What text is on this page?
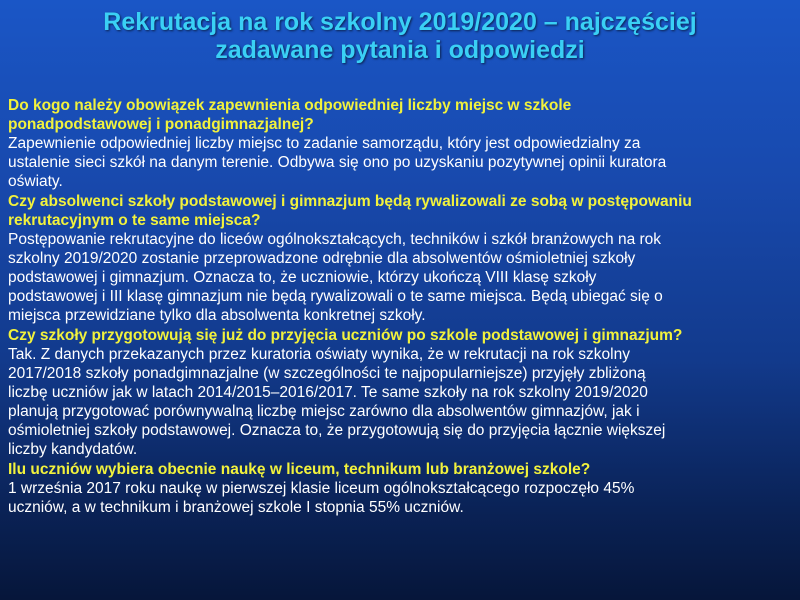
Rekrutacja na rok szkolny 2019/2020 – najczęściej
zadawane pytania i odpowiedzi

Do kogo należy obowiązek zapewnienia odpowiedniej liczby miejsc w szkole
ponadpodstawowej i ponadgimnazjalnej?

Zapewnienie odpowiedniej liczby miejsc to zadanie samorządu, który jest odpowiedzialny za
ustalenie sieci szkół na danym terenie. Odbywa się ono po uzyskaniu pozytywnej opinii kuratora
oświaty.

Czy absolwenci szkoły podstawowej i gimnazjum będą rywalizowali ze sobą w postępowaniu
rekrutacyjnym o te same miejsca?

Postępowanie rekrutacyjne do liceów ogólnokształcących, techników i szkół branżowych na rok
szkolny 2019/2020 zostanie przeprowadzone odrębnie dla absolwentów ośmioletniej szkoły
podstawowej i gimnazjum. Oznacza to, że uczniowie, którzy ukończą VIII klasę szkoły
podstawowej i III klasę gimnazjum nie będą rywalizowali o te same miejsca. Będą ubiegać się o
miejsca przewidziane tylko dla absolwenta konkretnej szkoły.

Czy szkoły przygotowują się już do przyjęcia uczniów po szkole podstawowej i gimnazjum?

Tak. Z danych przekazanych przez kuratoria oświaty wynika, że w rekrutacji na rok szkolny
2017/2018 szkoły ponadgimnazjalne (w szczególności te najpopularniejsze) przyjęły zbliżoną
liczbę uczniów jak w latach 2014/2015–2016/2017. Te same szkoły na rok szkolny 2019/2020
planują przygotować porównywalną liczbę miejsc zarówno dla absolwentów gimnazjów, jak i
ośmioletniej szkoły podstawowej. Oznacza to, że przygotowują się do przyjęcia łącznie większej
liczby kandydatów.

Ilu uczniów wybiera obecnie naukę w liceum, technikum lub branżowej szkole?

1 września 2017 roku naukę w pierwszej klasie liceum ogólnokształcącego rozpoczęło 45%
uczniów, a w technikum i branżowej szkole I stopnia 55% uczniów.
